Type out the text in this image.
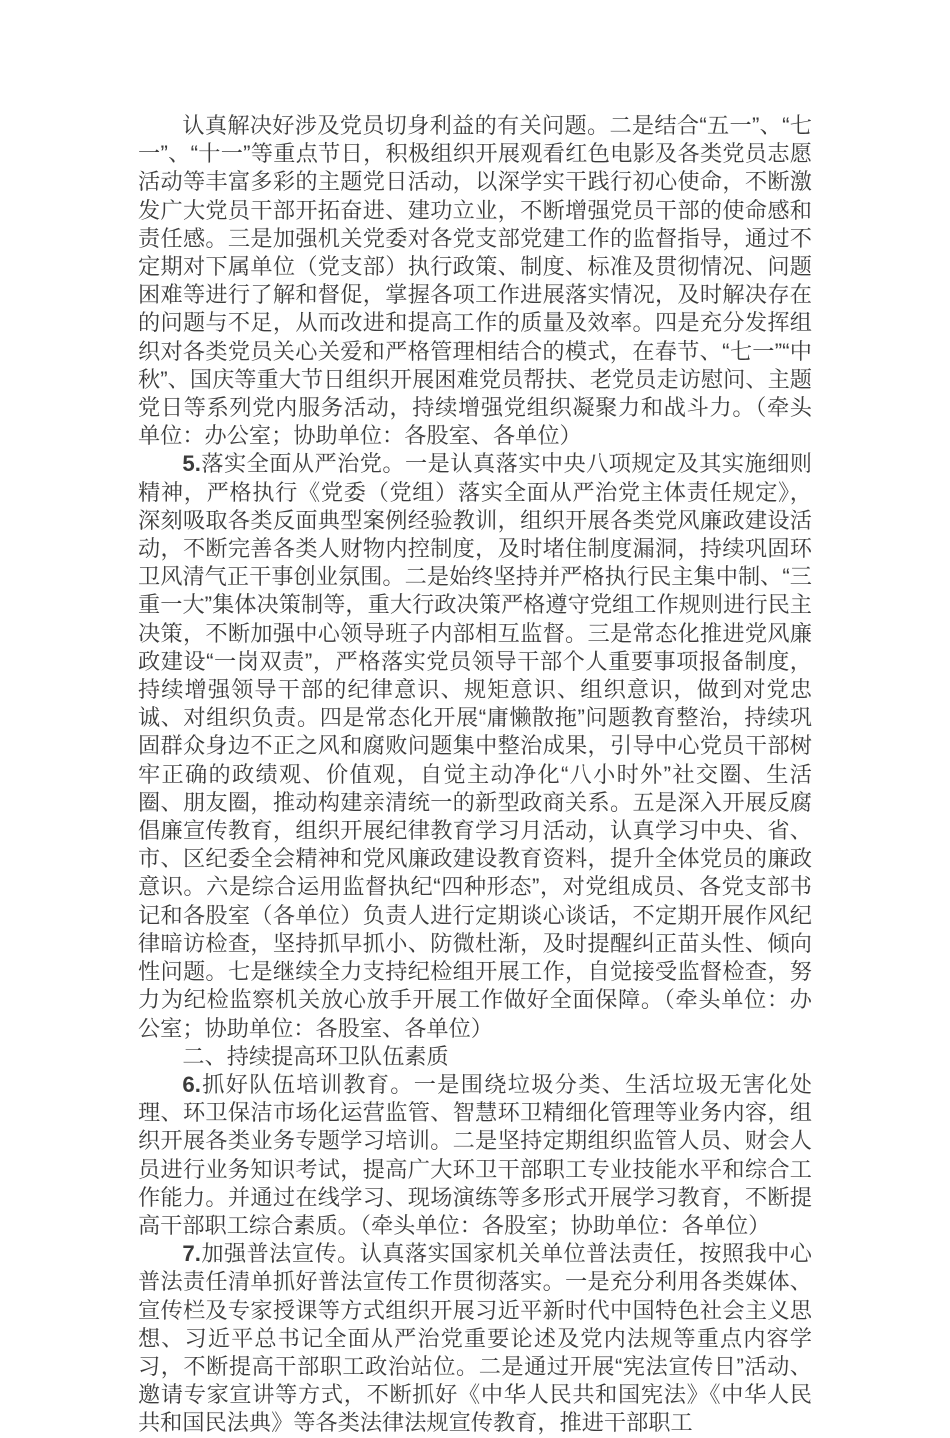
认真解决好涉及党员切身利益的有关问题。二是结合“五一”、“七一”、“十一”等重点节日，积极组织开展观看红色电影及各类党员志愿活动等丰富多彩的主题党日活动，以深学实干践行初心使命，不断激发广大党员干部开拓奋进、建功立业，不断增强党员干部的使命感和责任感。三是加强机关党委对各党支部党建工作的监督指导，通过不定期对下属单位（党支部）执行政策、制度、标准及贯彻情况、问题困难等进行了解和督促，掌握各项工作进展落实情况，及时解决存在的问题与不足，从而改进和提高工作的质量及效率。四是充分发挥组织对各类党员关心关爱和严格管理相结合的模式，在春节、“七一”“中秋”、国庆等重大节日组织开展困难党员帮扶、老党员走访慰问、主题党日等系列党内服务活动，持续增强党组织凝聚力和战斗力。（牵头单位：办公室；协助单位：各股室、各单位）

5.落实全面从严治党。一是认真落实中央八项规定及其实施细则精神，严格执行《党委（党组）落实全面从严治党主体责任规定》，深刻吸取各类反面典型案例经验教训，组织开展各类党风廉政建设活动，不断完善各类人财物内控制度，及时堵住制度漏洞，持续巩固环卫风清气正干事创业氛围。二是始终坚持并严格执行民主集中制、“三重一大”集体决策制等，重大行政决策严格遵守党组工作规则进行民主决策，不断加强中心领导班子内部相互监督。三是常态化推进党风廉政建设“一岗双责”，严格落实党员领导干部个人重要事项报备制度，持续增强领导干部的纪律意识、规矩意识、组织意识，做到对党忠诚、对组织负责。四是常态化开展“庸懒散拖”问题教育整治，持续巩固群众身边不正之风和腐败问题集中整治成果，引导中心党员干部树牢正确的政绩观、价值观，自觉主动净化“八小时外”社交圈、生活圈、朋友圈，推动构建亲清统一的新型政商关系。五是深入开展反腐倡廉宣传教育，组织开展纪律教育学习月活动，认真学习中央、省、市、区纪委全会精神和党风廉政建设教育资料，提升全体党员的廉政意识。六是综合运用监督执纪“四种形态”，对党组成员、各党支部书记和各股室（各单位）负责人进行定期谈心谈话，不定期开展作风纪律暗访检查，坚持抓早抓小、防微杜渐，及时提醒纠正苗头性、倾向性问题。七是继续全力支持纪检组开展工作，自觉接受监督检查，努力为纪检监察机关放心放手开展工作做好全面保障。（牵头单位：办公室；协助单位：各股室、各单位）

二、持续提高环卫队伍素质

6.抓好队伍培训教育。一是围绕垃圾分类、生活垃圾无害化处理、环卫保洁市场化运营监管、智慧环卫精细化管理等业务内容，组织开展各类业务专题学习培训。二是坚持定期组织监管人员、财会人员进行业务知识考试，提高广大环卫干部职工专业技能水平和综合工作能力。并通过在线学习、现场演练等多形式开展学习教育，不断提高干部职工综合素质。（牵头单位：各股室；协助单位：各单位）

7.加强普法宣传。认真落实国家机关单位普法责任，按照我中心普法责任清单抓好普法宣传工作贯彻落实。一是充分利用各类媒体、宣传栏及专家授课等方式组织开展习近平新时代中国特色社会主义思想、习近平总书记全面从严治党重要论述及党内法规等重点内容学习，不断提高干部职工政治站位。二是通过开展“宪法宣传日”活动、邀请专家宣讲等方式，不断抓好《中华人民共和国宪法》《中华人民共和国民法典》等各类法律法规宣传教育，推进干部职工
